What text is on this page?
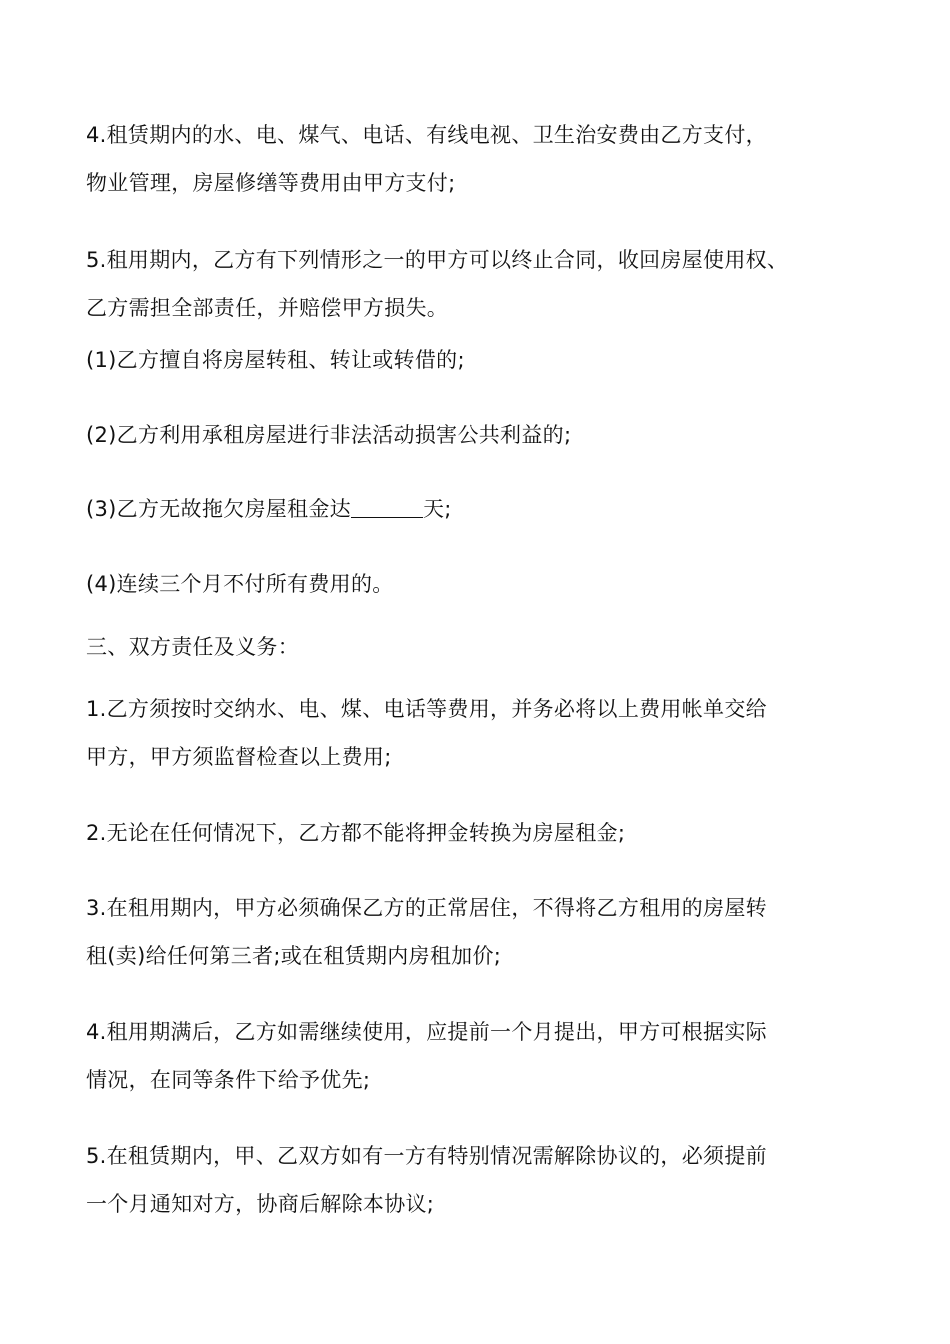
4.租赁期内的水、电、煤气、电话、有线电视、卫生治安费由乙方支付，
物业管理，房屋修缮等费用由甲方支付;
5.租用期内，乙方有下列情形之一的甲方可以终止合同，收回房屋使用权、
乙方需担全部责任，并赔偿甲方损失。
(1)乙方擅自将房屋转租、转让或转借的;
(2)乙方利用承租房屋进行非法活动损害公共利益的;
(3)乙方无故拖欠房屋租金达	天;
(4)连续三个月不付所有费用的。
三、双方责任及义务：
1.乙方须按时交纳水、电、煤、电话等费用，并务必将以上费用帐单交给
甲方，甲方须监督检查以上费用;
2.无论在任何情况下，乙方都不能将押金转换为房屋租金;
3.在租用期内，甲方必须确保乙方的正常居住，不得将乙方租用的房屋转
租(卖)给任何第三者;或在租赁期内房租加价;
4.租用期满后，乙方如需继续使用，应提前一个月提出，甲方可根据实际
情况，在同等条件下给予优先;
5.在租赁期内，甲、乙双方如有一方有特别情况需解除协议的，必须提前
一个月通知对方，协商后解除本协议;
